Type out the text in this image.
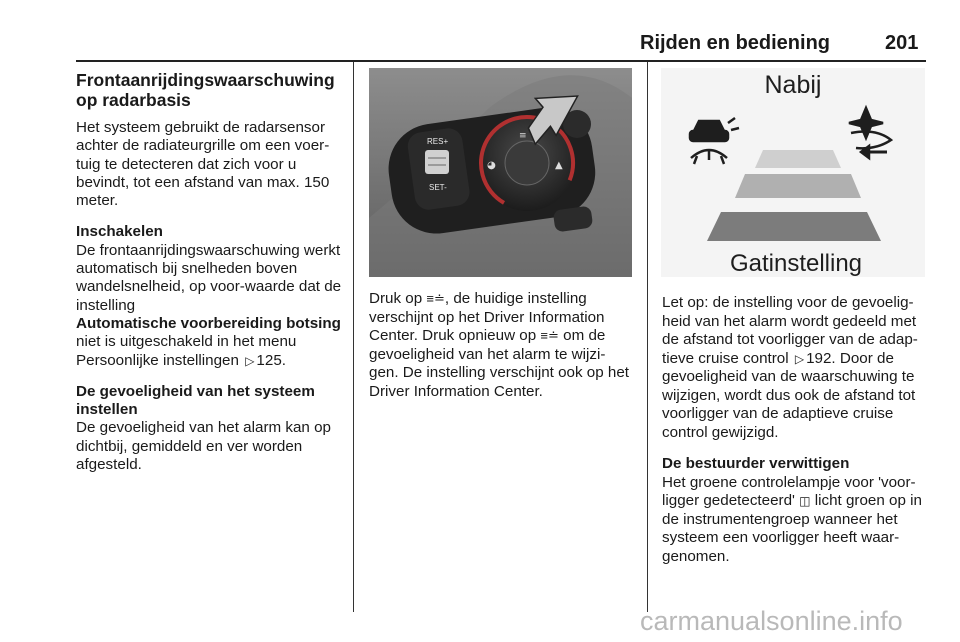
Rijden en bediening	201
Frontaanrijdingswaarschuwing op radarbasis

Het systeem gebruikt de radarsensor achter de radiateurgrille om een voer-tuig te detecteren dat zich voor u bevindt, tot een afstand van max. 150 meter.

Inschakelen
De frontaanrijdingswaarschuwing werkt automatisch bij snelheden boven wandelsnelheid, op voor-waarde dat de instelling
Automatische voorbereiding botsing
niet is uitgeschakeld in het menu Persoonlijke instellingen ▷ 125.

De gevoeligheid van het systeem instellen
De gevoeligheid van het alarm kan op dichtbij, gemiddeld en ver worden afgesteld.

RES+
SET-
≡
◕	▲

Druk op ≡≐, de huidige instelling verschijnt op het Driver Information Center. Druk opnieuw op ≡≐ om de gevoeligheid van het alarm te wijzi-gen. De instelling verschijnt ook op het Driver Information Center.

Nabij
Gatinstelling

Let op: de instelling voor de gevoelig-heid van het alarm wordt gedeeld met de afstand tot voorligger van de adap-tieve cruise control ▷ 192. Door de gevoeligheid van de waarschuwing te wijzigen, wordt dus ook de afstand tot voorligger van de adaptieve cruise control gewijzigd.

De bestuurder verwittigen
Het groene controlelampje voor 'voor-ligger gedetecteerd' ◫ licht groen op in de instrumentengroep wanneer het systeem een voorligger heeft waar-genomen.

carmanualsonline.info
